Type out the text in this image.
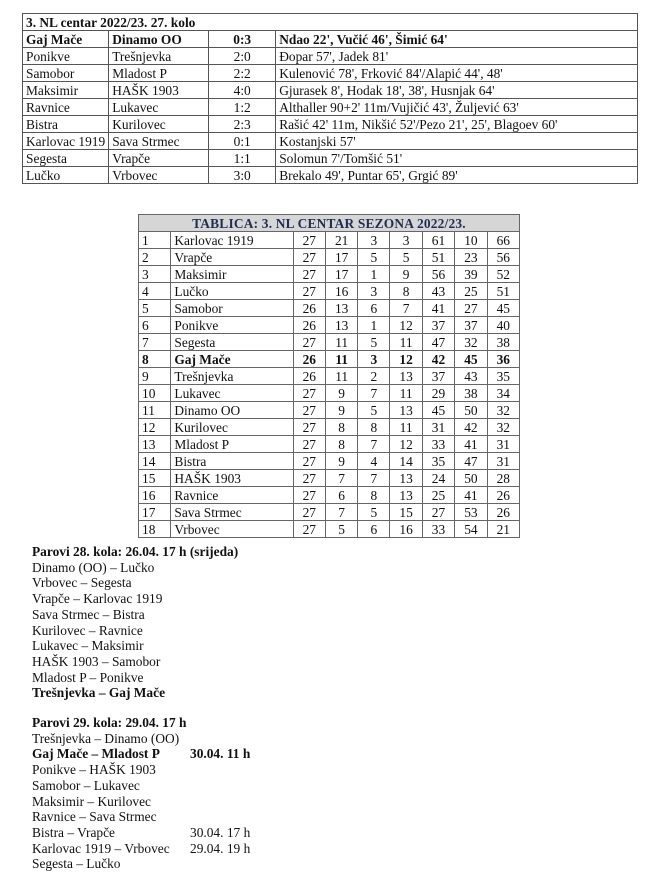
3. NL centar 2022/23. 27. kolo			
Gaj Mače	Dinamo OO	0:3	Ndao 22', Vučić 46', Šimić 64'
Ponikve	Trešnjevka	2:0	Đopar 57', Jadek 81'
Samobor	Mladost P	2:2	Kulenović 78', Frković 84'/Alapić 44', 48'
Maksimir	HAŠK 1903	4:0	Gjurasek 8', Hodak 18', 38', Husnjak 64'
Ravnice	Lukavec	1:2	Althaller 90+2' 11m/Vujičić 43', Žuljević 63'
Bistra	Kurilovec	2:3	Rašić 42' 11m, Nikšić 52'/Pezo 21', 25', Blagoev 60'
Karlovac 1919	Sava Strmec	0:1	Kostanjski 57'
Segesta	Vrapče	1:1	Solomun 7'/Tomšić 51'
Lučko	Vrbovec	3:0	Brekalo 49', Puntar 65', Grgić 89'
TABLICA: 3. NL CENTAR SEZONA 2022/23.								
1	Karlovac 1919	27	21	3	3	61	10	66
2	Vrapče	27	17	5	5	51	23	56
3	Maksimir	27	17	1	9	56	39	52
4	Lučko	27	16	3	8	43	25	51
5	Samobor	26	13	6	7	41	27	45
6	Ponikve	26	13	1	12	37	37	40
7	Segesta	27	11	5	11	47	32	38
8	Gaj Mače	26	11	3	12	42	45	36
9	Trešnjevka	26	11	2	13	37	43	35
10	Lukavec	27	9	7	11	29	38	34
11	Dinamo OO	27	9	5	13	45	50	32
12	Kurilovec	27	8	8	11	31	42	32
13	Mladost P	27	8	7	12	33	41	31
14	Bistra	27	9	4	14	35	47	31
15	HAŠK 1903	27	7	7	13	24	50	28
16	Ravnice	27	6	8	13	25	41	26
17	Sava Strmec	27	7	5	15	27	53	26
18	Vrbovec	27	5	6	16	33	54	21
Parovi 28. kola: 26.04. 17 h (srijeda)
Dinamo (OO) – Lučko
Vrbovec – Segesta
Vrapče – Karlovac 1919
Sava Strmec – Bistra
Kurilovec – Ravnice
Lukavec – Maksimir
HAŠK 1903 – Samobor
Mladost P – Ponikve
Trešnjevka – Gaj Mače
Parovi 29. kola: 29.04. 17 h
Trešnjevka – Dinamo (OO)
Gaj Mače – Mladost P	30.04. 11 h
Ponikve – HAŠK 1903
Samobor – Lukavec
Maksimir – Kurilovec
Ravnice – Sava Strmec
Bistra – Vrapče	30.04. 17 h
Karlovac 1919 – Vrbovec	29.04. 19 h
Segesta – Lučko
